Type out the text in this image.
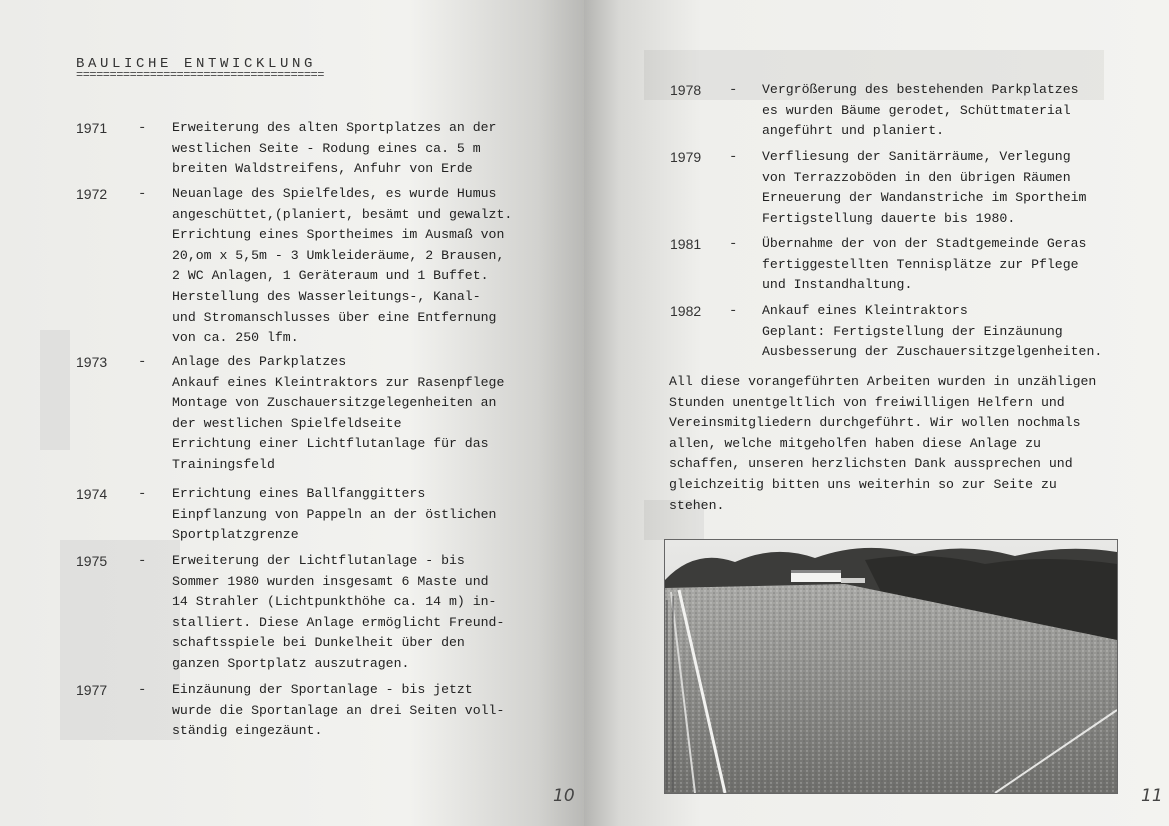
BAULICHE ENTWICKLUNG
=====================================
1971 - Erweiterung des alten Sportplatzes an der
westlichen Seite - Rodung eines ca. 5 m
breiten Waldstreifens, Anfuhr von Erde
1972 - Neuanlage des Spielfeldes, es wurde Humus
angeschüttet,(planiert, besämt und gewalzt.
Errichtung eines Sportheimes im Ausmaß von
20,om x 5,5m - 3 Umkleideräume, 2 Brausen,
2 WC Anlagen, 1 Geräteraum und 1 Buffet.
Herstellung des Wasserleitungs-, Kanal-
und Stromanschlusses über eine Entfernung
von ca. 250 lfm.
1973 - Anlage des Parkplatzes
Ankauf eines Kleintraktors zur Rasenpflege
Montage von Zuschauersitzgelegenheiten an
der westlichen Spielfeldseite
Errichtung einer Lichtflutanlage für das
Trainingsfeld
1974 - Errichtung eines Ballfanggitters
Einpflanzung von Pappeln an der östlichen
Sportplatzgrenze
1975 - Erweiterung der Lichtflutanlage - bis
Sommer 1980 wurden insgesamt 6 Maste und
14 Strahler (Lichtpunkthöhe ca. 14 m) in-
stalliert. Diese Anlage ermöglicht Freund-
schaftsspiele bei Dunkelheit über den
ganzen Sportplatz auszutragen.
1977 - Einzäunung der Sportanlage - bis jetzt
wurde die Sportanlage an drei Seiten voll-
ständig eingezäunt.
10
1978 - Vergrößerung des bestehenden Parkplatzes
es wurden Bäume gerodet, Schüttmaterial
angeführt und planiert.
1979 - Verfliesung der Sanitärräume, Verlegung
von Terrazzoböden in den übrigen Räumen
Erneuerung der Wandanstriche im Sportheim
Fertigstellung dauerte bis 1980.
1981 - Übernahme der von der Stadtgemeinde Geras
fertiggestellten Tennisplätze zur Pflege
und Instandhaltung.
1982 - Ankauf eines Kleintraktors
Geplant: Fertigstellung der Einzäunung
Ausbesserung der Zuschauersitzgelgenheiten.
All diese vorangeführten Arbeiten wurden in unzähligen
Stunden unentgeltlich von freiwilligen Helfern und
Vereinsmitgliedern durchgeführt. Wir wollen nochmals
allen, welche mitgeholfen haben diese Anlage zu
schaffen, unseren herzlichsten Dank aussprechen und
gleichzeitig bitten uns weiterhin so zur Seite zu
stehen.
11
